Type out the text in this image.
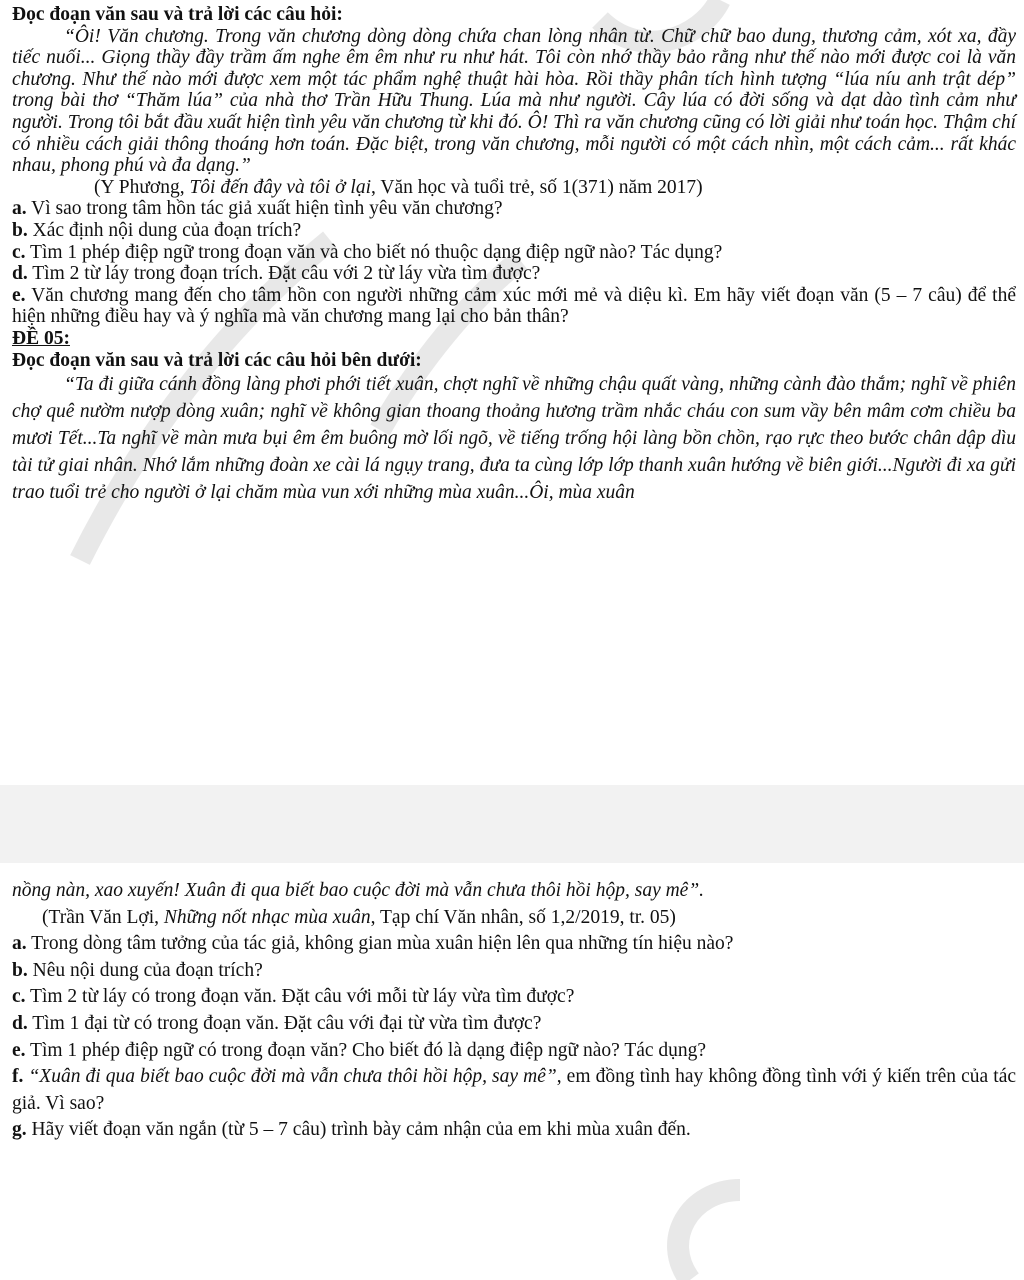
Đọc đoạn văn sau và trả lời các câu hỏi:

“Ôi! Văn chương. Trong văn chương dòng dòng chứa chan lòng nhân từ. Chữ chữ bao dung, thương cảm, xót xa, đầy tiếc nuối... Giọng thầy đầy trầm ấm nghe êm êm như ru như hát. Tôi còn nhớ thầy bảo rằng như thế nào mới được coi là văn chương. Như thế nào mới được xem một tác phẩm nghệ thuật hài hòa. Rồi thầy phân tích hình tượng “lúa níu anh trật dép” trong bài thơ “Thăm lúa” của nhà thơ Trần Hữu Thung. Lúa mà như người. Cây lúa có đời sống và dạt dào tình cảm như người. Trong tôi bắt đầu xuất hiện tình yêu văn chương từ khi đó. Ô! Thì ra văn chương cũng có lời giải như toán học. Thậm chí có nhiều cách giải thông thoáng hơn toán. Đặc biệt, trong văn chương, mỗi người có một cách nhìn, một cách cảm... rất khác nhau, phong phú và đa dạng.”

(Y Phương, Tôi đến đây và tôi ở lại, Văn học và tuổi trẻ, số 1(371) năm 2017)

a. Vì sao trong tâm hồn tác giả xuất hiện tình yêu văn chương?

b. Xác định nội dung của đoạn trích?

c. Tìm 1 phép điệp ngữ trong đoạn văn và cho biết nó thuộc dạng điệp ngữ nào? Tác dụng?

d. Tìm 2 từ láy trong đoạn trích. Đặt câu với 2 từ láy vừa tìm được?

e. Văn chương mang đến cho tâm hồn con người những cảm xúc mới mẻ và diệu kì. Em hãy viết đoạn văn (5 – 7 câu) để thể hiện những điều hay và ý nghĩa mà văn chương mang lại cho bản thân?

ĐỀ 05:

Đọc đoạn văn sau và trả lời các câu hỏi bên dưới:

“Ta đi giữa cánh đồng làng phơi phới tiết xuân, chợt nghĩ về những chậu quất vàng, những cành đào thắm; nghĩ về phiên chợ quê nườm nượp dòng xuân; nghĩ về không gian thoang thoảng hương trầm nhắc cháu con sum vầy bên mâm cơm chiều ba mươi Tết...Ta nghĩ về màn mưa bụi êm êm buông mờ lối ngõ, về tiếng trống hội làng bồn chồn, rạo rực theo bước chân dập dìu tài tử giai nhân. Nhớ lắm những đoàn xe cài lá ngụy trang, đưa ta cùng lớp lớp thanh xuân hướng về biên giới...Người đi xa gửi trao tuổi trẻ cho người ở lại chăm mùa vun xới những mùa xuân...Ôi, mùa xuân

nồng nàn, xao xuyến! Xuân đi qua biết bao cuộc đời mà vẫn chưa thôi hồi hộp, say mê”.

(Trần Văn Lợi, Những nốt nhạc mùa xuân, Tạp chí Văn nhân, số 1,2/2019, tr. 05)

a. Trong dòng tâm tưởng của tác giả, không gian mùa xuân hiện lên qua những tín hiệu nào?

b. Nêu nội dung của đoạn trích?

c. Tìm 2 từ láy có trong đoạn văn. Đặt câu với mỗi từ láy vừa tìm được?

d. Tìm 1 đại từ có trong đoạn văn. Đặt câu với đại từ vừa tìm được?

e. Tìm 1 phép điệp ngữ có trong đoạn văn? Cho biết đó là dạng điệp ngữ nào? Tác dụng?

f. “Xuân đi qua biết bao cuộc đời mà vẫn chưa thôi hồi hộp, say mê”, em đồng tình hay không đồng tình với ý kiến trên của tác giả. Vì sao?

g. Hãy viết đoạn văn ngắn (từ 5 – 7 câu) trình bày cảm nhận của em khi mùa xuân đến.
